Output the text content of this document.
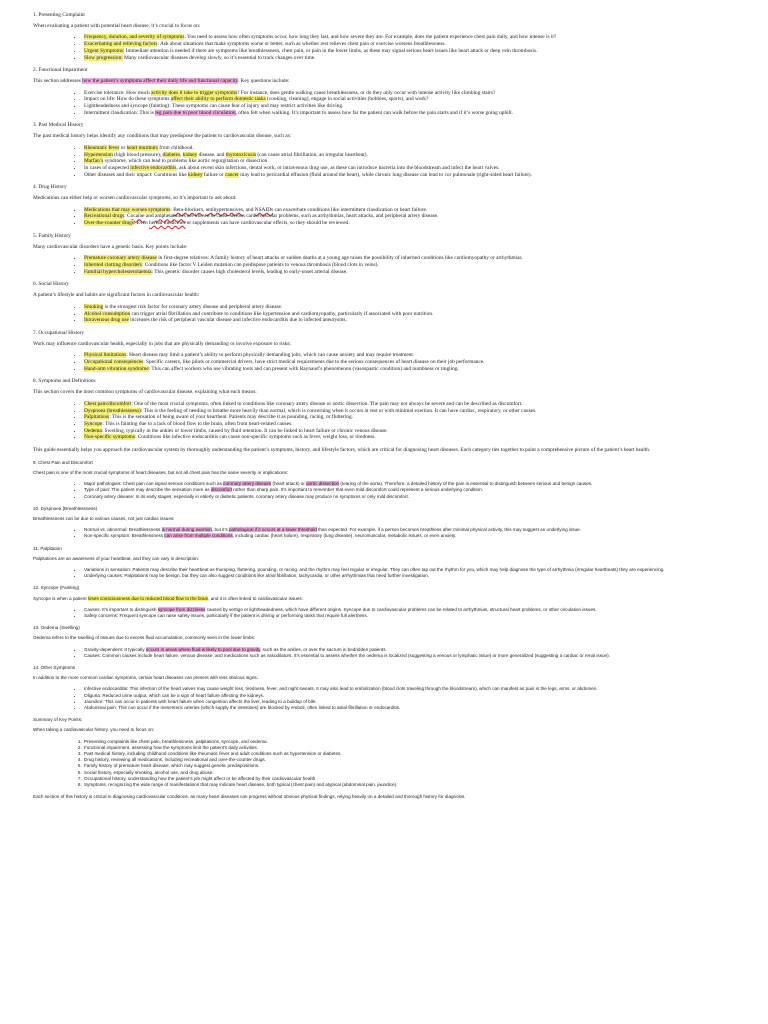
1. Presenting Complaint
When evaluating a patient with potential heart disease, it’s crucial to focus on:
• Frequency, duration, and severity of symptoms: You need to assess how often symptoms occur, how long they last, and how severe they are. For example, does the patient experience chest pain daily, and how intense is it?
• Exacerbating and relieving factors: Ask about situations that make symptoms worse or better, such as whether rest relieves chest pain or exercise worsens breathlessness.
• Urgent Symptoms: Immediate attention is needed if there are symptoms like breathlessness, chest pain, or pain in the lower limbs, as these may signal serious heart issues like heart attack or deep vein thrombosis.
• Slow progression: Many cardiovascular diseases develop slowly, so it’s essential to track changes over time.
2. Functional Impairment
This section addresses how the patient’s symptoms affect their daily life and functional capacity. Key questions include:
• Exercise tolerance: How much activity does it take to trigger symptoms? For instance, does gentle walking cause breathlessness, or do they only occur with intense activity like climbing stairs?
• Impact on life: How do these symptoms affect their ability to perform domestic tasks (cooking, cleaning), engage in social activities (hobbies, sports), and work?
• Lightheadedness and syncope (fainting): These symptoms can cause fear of injury and may restrict activities like driving.
• Intermittent claudication: This is leg pain due to poor blood circulation, often felt when walking. It’s important to assess how far the patient can walk before the pain starts and if it’s worse going uphill.
3. Past Medical History
The past medical history helps identify any conditions that may predispose the patient to cardiovascular disease, such as:
• Rheumatic fever or heart murmurs from childhood.
• Hypertension (high blood pressure), diabetes, kidney disease, and thyrotoxicosis (can cause atrial fibrillation, an irregular heartbeat).
• Marfan’s syndrome, which can lead to problems like aortic regurgitation or dissection.
• In cases of suspected infective endocarditis, ask about recent skin infections, dental work, or intravenous drug use, as these can introduce bacteria into the bloodstream and infect the heart valves.
• Other diseases and their impact: Conditions like kidney failure or cancer may lead to pericardial effusion (fluid around the heart), while chronic lung disease can lead to cor pulmonale (right-sided heart failure).
4. Drug History
Medications can either help or worsen cardiovascular symptoms, so it’s important to ask about:
• Medications that may worsen symptoms: Beta-blockers, antihypertensives, and NSAIDs can exacerbate conditions like intermittent claudication or heart failure.
• Recreational drugs: Cocaine and amphetamines are known to cause serious cardiovascular problems, such as arrhythmias, heart attacks, and peripheral artery disease.
• Over-the-counter drugs: Even herbal medicines or supplements can have cardiovascular effects, so they should be reviewed.
5. Family History
Many cardiovascular disorders have a genetic basis. Key points include:
• Premature coronary artery disease in first-degree relatives: A family history of heart attacks or sudden deaths at a young age raises the possibility of inherited conditions like cardiomyopathy or arrhythmias.
• Inherited clotting disorders: Conditions like factor V Leiden mutation can predispose patients to venous thrombosis (blood clots in veins).
• Familial hypercholesterolaemia: This genetic disorder causes high cholesterol levels, leading to early-onset arterial disease.
6. Social History
A patient’s lifestyle and habits are significant factors in cardiovascular health:
• Smoking is the strongest risk factor for coronary artery disease and peripheral artery disease.
• Alcohol consumption can trigger atrial fibrillation and contribute to conditions like hypertension and cardiomyopathy, particularly if associated with poor nutrition.
• Intravenous drug use increases the risk of peripheral vascular disease and infective endocarditis due to infected aneurysms.
7. Occupational History
Work may influence cardiovascular health, especially in jobs that are physically demanding or involve exposure to risks:
• Physical limitations: Heart disease may limit a patient’s ability to perform physically demanding jobs, which can cause anxiety and may require treatment.
• Occupational consequences: Specific careers, like pilots or commercial drivers, have strict medical requirements due to the serious consequences of heart disease on their job performance.
• Hand-arm vibration syndrome: This can affect workers who use vibrating tools and can present with Raynaud’s phenomenon (vasospastic condition) and numbness or tingling.
8. Symptoms and Definitions
This section covers the most common symptoms of cardiovascular disease, explaining what each means:
• Chest pain/discomfort: One of the most crucial symptoms, often linked to conditions like coronary artery disease or aortic dissection. The pain may not always be severe and can be described as discomfort.
• Dyspnoea (breathlessness): This is the feeling of needing to breathe more heavily than normal, which is concerning when it occurs at rest or with minimal exertion. It can have cardiac, respiratory, or other causes.
• Palpitations: This is the sensation of being aware of your heartbeat. Patients may describe it as pounding, racing, or fluttering.
• Syncope: This is fainting due to a lack of blood flow to the brain, often from heart-related causes.
• Oedema: Swelling, typically in the ankles or lower limbs, caused by fluid retention. It can be linked to heart failure or chronic venous disease.
• Non-specific symptoms: Conditions like infective endocarditis can cause non-specific symptoms such as fever, weight loss, or tiredness.
This guide essentially helps you approach the cardiovascular system by thoroughly understanding the patient’s symptoms, history, and lifestyle factors, which are critical for diagnosing heart diseases. Each category ties together to paint a comprehensive picture of the patient’s heart health.
9. Chest Pain and Discomfort
Chest pain is one of the most crucial symptoms of heart diseases, but not all chest pain has the same severity or implications:
• Major pathologies: Chest pain can signal serious conditions such as coronary artery disease (heart attack) or aortic dissection (tearing of the aorta). Therefore, a detailed history of the pain is essential to distinguish between serious and benign causes.
• Type of pain: The patient may describe the sensation more as discomfort rather than sharp pain. It’s important to remember that even mild discomfort could represent a serious underlying condition.
• Coronary artery disease: In its early stages, especially in elderly or diabetic patients, coronary artery disease may produce no symptoms or only mild discomfort.
10. Dyspnoea (Breathlessness)
Breathlessness can be due to various causes, not just cardiac issues:
• Normal vs. abnormal: Breathlessness is normal during exertion, but it’s pathological if it occurs at a lower threshold than expected. For example, if a person becomes breathless after minimal physical activity, this may suggest an underlying issue.
• Non-specific symptom: Breathlessness can arise from multiple conditions, including cardiac (heart failure), respiratory (lung disease), neuromuscular, metabolic issues, or even anxiety.
11. Palpitation
Palpitations are an awareness of your heartbeat, and they can vary in description:
• Variations in sensation: Patients may describe their heartbeat as thumping, fluttering, pounding, or racing, and the rhythm may feel regular or irregular. They can often tap out the rhythm for you, which may help diagnose the type of arrhythmia (irregular heartbeats) they are experiencing.
• Underlying causes: Palpitations may be benign, but they can also suggest conditions like atrial fibrillation, tachycardia, or other arrhythmias that need further investigation.
12. Syncope (Fainting)
Syncope is when a patient loses consciousness due to reduced blood flow to the brain, and it is often linked to cardiovascular issues:
• Causes: It’s important to distinguish syncope from dizziness caused by vertigo or lightheadedness, which have different origins. Syncope due to cardiovascular problems can be related to arrhythmias, structural heart problems, or other circulation issues.
• Safety concerns: Frequent syncope can raise safety issues, particularly if the patient is driving or performing tasks that require full alertness.
13. Oedema (Swelling)
Oedema refers to the swelling of tissues due to excess fluid accumulation, commonly seen in the lower limbs:
• Gravity-dependent: It typically occurs in areas where fluid is likely to pool due to gravity, such as the ankles, or over the sacrum in bedridden patients.
• Causes: Common causes include heart failure, venous disease, and medications such as vasodilators. It’s essential to assess whether the oedema is localized (suggesting a venous or lymphatic issue) or more generalized (suggesting a cardiac or renal issue).
14. Other Symptoms
In addition to the more common cardiac symptoms, certain heart diseases can present with less obvious signs:
• Infective endocarditis: This infection of the heart valves may cause weight loss, tiredness, fever, and night sweats. It may also lead to embolization (blood clots traveling through the bloodstream), which can manifest as pain in the legs, arms, or abdomen.
• Oliguria: Reduced urine output, which can be a sign of heart failure affecting the kidneys.
• Jaundice: This can occur in patients with heart failure when congestion affects the liver, leading to a buildup of bile.
• Abdominal pain: This can occur if the mesenteric arteries (which supply the intestines) are blocked by emboli, often linked to atrial fibrillation or endocarditis.
Summary of Key Points:
When taking a cardiovascular history, you need to focus on:
1. Presenting complaints like chest pain, breathlessness, palpitations, syncope, and oedema.
2. Functional impairment, assessing how the symptoms limit the patient’s daily activities.
3. Past medical history, including childhood conditions like rheumatic fever and adult conditions such as hypertension or diabetes.
4. Drug history, reviewing all medications, including recreational and over-the-counter drugs.
5. Family history of premature heart disease, which may suggest genetic predispositions.
6. Social history, especially smoking, alcohol use, and drug abuse.
7. Occupational history, understanding how the patient’s job might affect or be affected by their cardiovascular health.
8. Symptoms, recognizing the wide range of manifestations that may indicate heart disease, both typical (chest pain) and atypical (abdominal pain, jaundice).
Each section of this history is critical in diagnosing cardiovascular conditions, as many heart diseases can progress without obvious physical findings, relying heavily on a detailed and thorough history for diagnosis.
